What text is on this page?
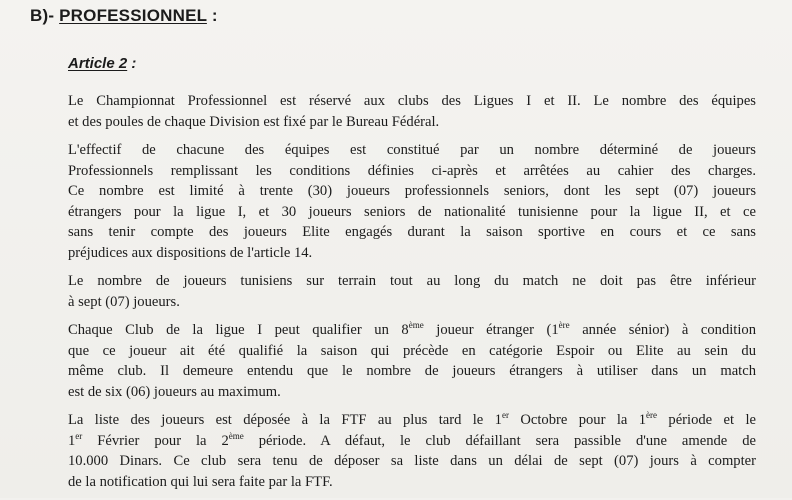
B)- PROFESSIONNEL :
Article 2 :
Le Championnat Professionnel est réservé aux clubs des Ligues I et II. Le nombre des équipes
et des poules de chaque Division est fixé par le Bureau Fédéral.
L'effectif de chacune des équipes est constitué par un nombre déterminé de joueurs
Professionnels remplissant les conditions définies ci-après et arrêtées au cahier des charges.
Ce nombre est limité à trente (30) joueurs professionnels seniors, dont les sept (07) joueurs
étrangers pour la ligue I, et 30 joueurs seniors de nationalité tunisienne pour la ligue II, et ce
sans tenir compte des joueurs Elite engagés durant la saison sportive en cours et ce sans
préjudices aux dispositions de l'article 14.
Le nombre de joueurs tunisiens sur terrain tout au long du match ne doit pas être inférieur
à sept (07) joueurs.
Chaque Club de la ligue I peut qualifier un 8ème joueur étranger (1ère année sénior) à condition
que ce joueur ait été qualifié la saison qui précède en catégorie Espoir ou Elite au sein du
même club. Il demeure entendu que le nombre de joueurs étrangers à utiliser dans un match
est de six (06) joueurs au maximum.
La liste des joueurs est déposée à la FTF au plus tard le 1er Octobre pour la 1ère période et le
1er Février pour la 2ème période. A défaut, le club défaillant sera passible d'une amende de
10.000 Dinars. Ce club sera tenu de déposer sa liste dans un délai de sept (07) jours à compter
de la notification qui lui sera faite par la FTF.
